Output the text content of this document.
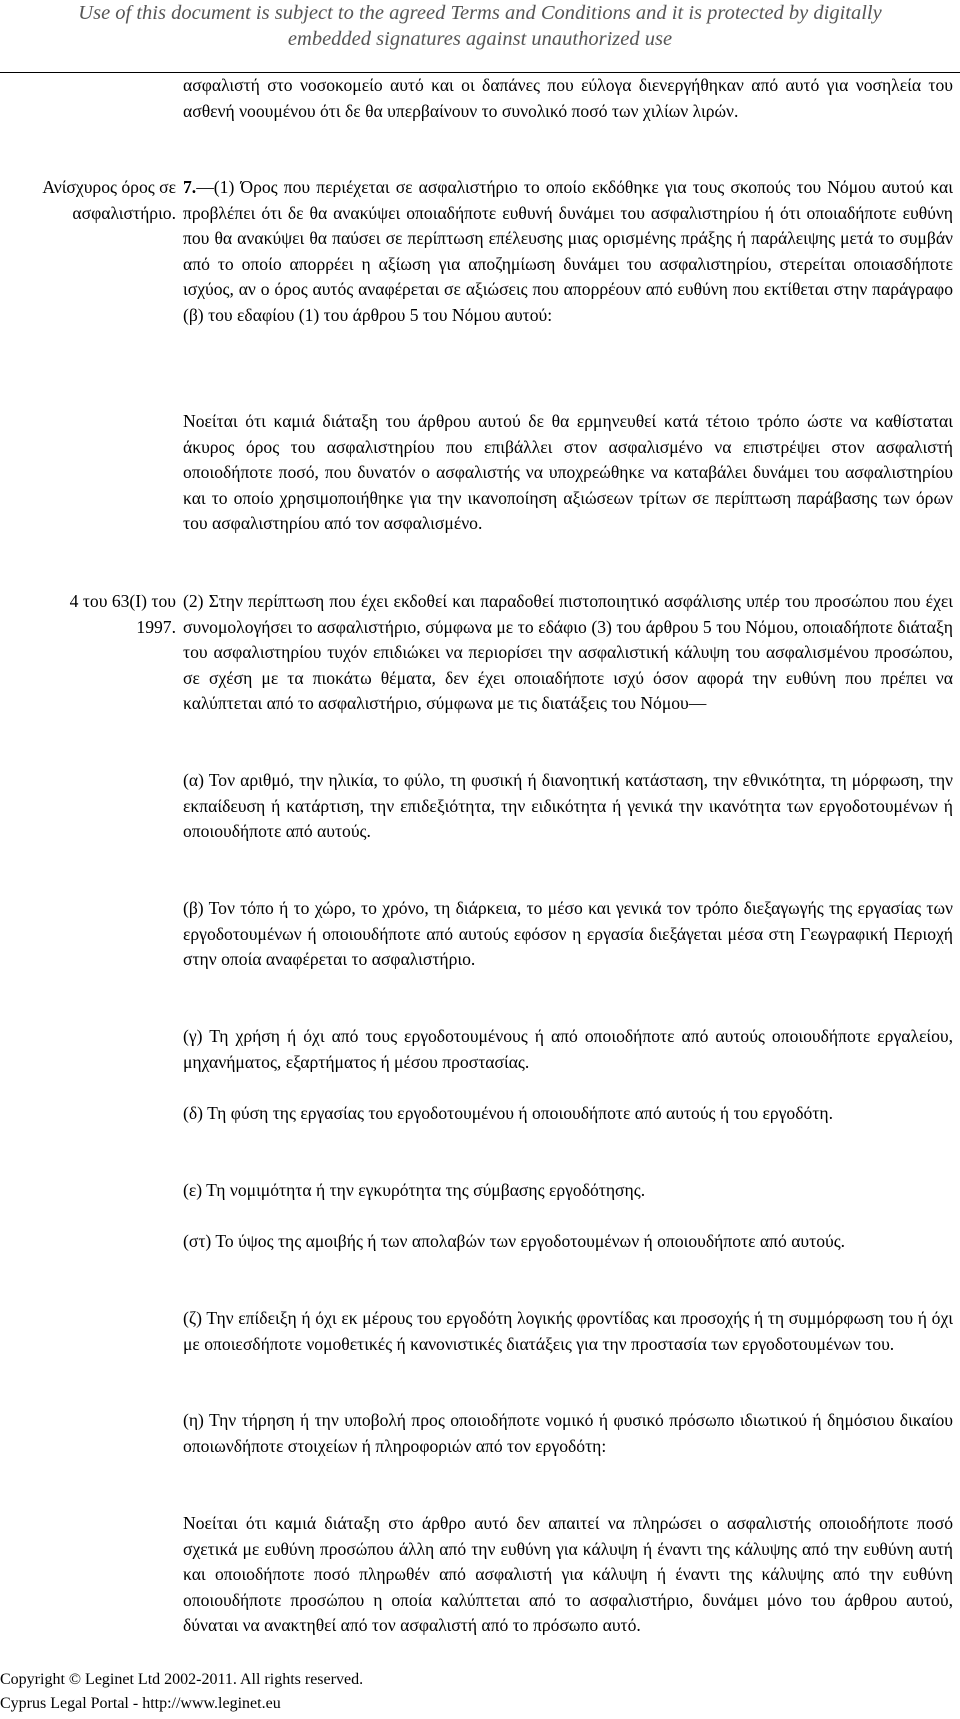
Use of this document is subject to the agreed Terms and Conditions and it is protected by digitally
embedded signatures against unauthorized use

ασφαλιστή στο νοσοκομείο αυτό και οι δαπάνες που εύλογα διενεργήθηκαν από αυτό για νοσηλεία του ασθενή νοουμένου ότι δε θα υπερβαίνουν το συνολικό ποσό των χιλίων λιρών.

Ανίσχυρος όρος σε
ασφαλιστήριο.

7.—(1) Όρος που περιέχεται σε ασφαλιστήριο το οποίο εκδόθηκε για τους σκοπούς του Νόμου αυτού και προβλέπει ότι δε θα ανακύψει οποιαδήποτε ευθυνή δυνάμει του ασφαλιστηρίου ή ότι οποιαδήποτε ευθύνη που θα ανακύψει θα παύσει σε περίπτωση επέλευσης μιας ορισμένης πράξης ή παράλειψης μετά το συμβάν από το οποίο απορρέει η αξίωση για αποζημίωση δυνάμει του ασφαλιστηρίου, στερείται οποιασδήποτε ισχύος, αν ο όρος αυτός αναφέρεται σε αξιώσεις που απορρέουν από ευθύνη που εκτίθεται στην παράγραφο (β) του εδαφίου (1) του άρθρου 5 του Νόμου αυτού:

Νοείται ότι καμιά διάταξη του άρθρου αυτού δε θα ερμηνευθεί κατά τέτοιο τρόπο ώστε να καθίσταται άκυρος όρος του ασφαλιστηρίου που επιβάλλει στον ασφαλισμένο να επιστρέψει στον ασφαλιστή οποιοδήποτε ποσό, που δυνατόν ο ασφαλιστής να υποχρεώθηκε να καταβάλει δυνάμει του ασφαλιστηρίου και το οποίο χρησιμοποιήθηκε για την ικανοποίηση αξιώσεων τρίτων σε περίπτωση παράβασης των όρων του ασφαλιστηρίου από τον ασφαλισμένο.

4 του 63(Ι) του
1997.

(2) Στην περίπτωση που έχει εκδοθεί και παραδοθεί πιστοποιητικό ασφάλισης υπέρ του προσώπου που έχει συνομολογήσει το ασφαλιστήριο, σύμφωνα με το εδάφιο (3) του άρθρου 5 του Νόμου, οποιαδήποτε διάταξη του ασφαλιστηρίου τυχόν επιδιώκει να περιορίσει την ασφαλιστική κάλυψη του ασφαλισμένου προσώπου, σε σχέση με τα πιοκάτω θέματα, δεν έχει οποιαδήποτε ισχύ όσον αφορά την ευθύνη που πρέπει να καλύπτεται από το ασφαλιστήριο, σύμφωνα με τις διατάξεις του Νόμου—

(α) Τον αριθμό, την ηλικία, το φύλο, τη φυσική ή διανοητική κατάσταση, την εθνικότητα, τη μόρφωση, την εκπαίδευση ή κατάρτιση, την επιδεξιότητα, την ειδικότητα ή γενικά την ικανότητα των εργοδοτουμένων ή οποιουδήποτε από αυτούς.

(β) Τον τόπο ή το χώρο, το χρόνο, τη διάρκεια, το μέσο και γενικά τον τρόπο διεξαγωγής της εργασίας των εργοδοτουμένων ή οποιουδήποτε από αυτούς εφόσον η εργασία διεξάγεται μέσα στη Γεωγραφική Περιοχή στην οποία αναφέρεται το ασφαλιστήριο.

(γ) Τη χρήση ή όχι από τους εργοδοτουμένους ή από οποιοδήποτε από αυτούς οποιουδήποτε εργαλείου, μηχανήματος, εξαρτήματος ή μέσου προστασίας.

(δ) Τη φύση της εργασίας του εργοδοτουμένου ή οποιουδήποτε από αυτούς ή του εργοδότη.

(ε) Τη νομιμότητα ή την εγκυρότητα της σύμβασης εργοδότησης.

(στ) Το ύψος της αμοιβής ή των απολαβών των εργοδοτουμένων ή οποιουδήποτε από αυτούς.

(ζ) Την επίδειξη ή όχι εκ μέρους του εργοδότη λογικής φροντίδας και προσοχής ή τη συμμόρφωση του ή όχι με οποιεσδήποτε νομοθετικές ή κανονιστικές διατάξεις για την προστασία των εργοδοτουμένων του.

(η) Την τήρηση ή την υποβολή προς οποιοδήποτε νομικό ή φυσικό πρόσωπο ιδιωτικού ή δημόσιου δικαίου οποιωνδήποτε στοιχείων ή πληροφοριών από τον εργοδότη:

Νοείται ότι καμιά διάταξη στο άρθρο αυτό δεν απαιτεί να πληρώσει ο ασφαλιστής οποιοδήποτε ποσό σχετικά με ευθύνη προσώπου άλλη από την ευθύνη για κάλυψη ή έναντι της κάλυψης από την ευθύνη αυτή και οποιοδήποτε ποσό πληρωθέν από ασφαλιστή για κάλυψη ή έναντι της κάλυψης από την ευθύνη οποιουδήποτε προσώπου η οποία καλύπτεται από το ασφαλιστήριο, δυνάμει μόνο του άρθρου αυτού, δύναται να ανακτηθεί από τον ασφαλιστή από το πρόσωπο αυτό.

Copyright © Leginet Ltd 2002-2011. All rights reserved.
Cyprus Legal Portal - http://www.leginet.eu
